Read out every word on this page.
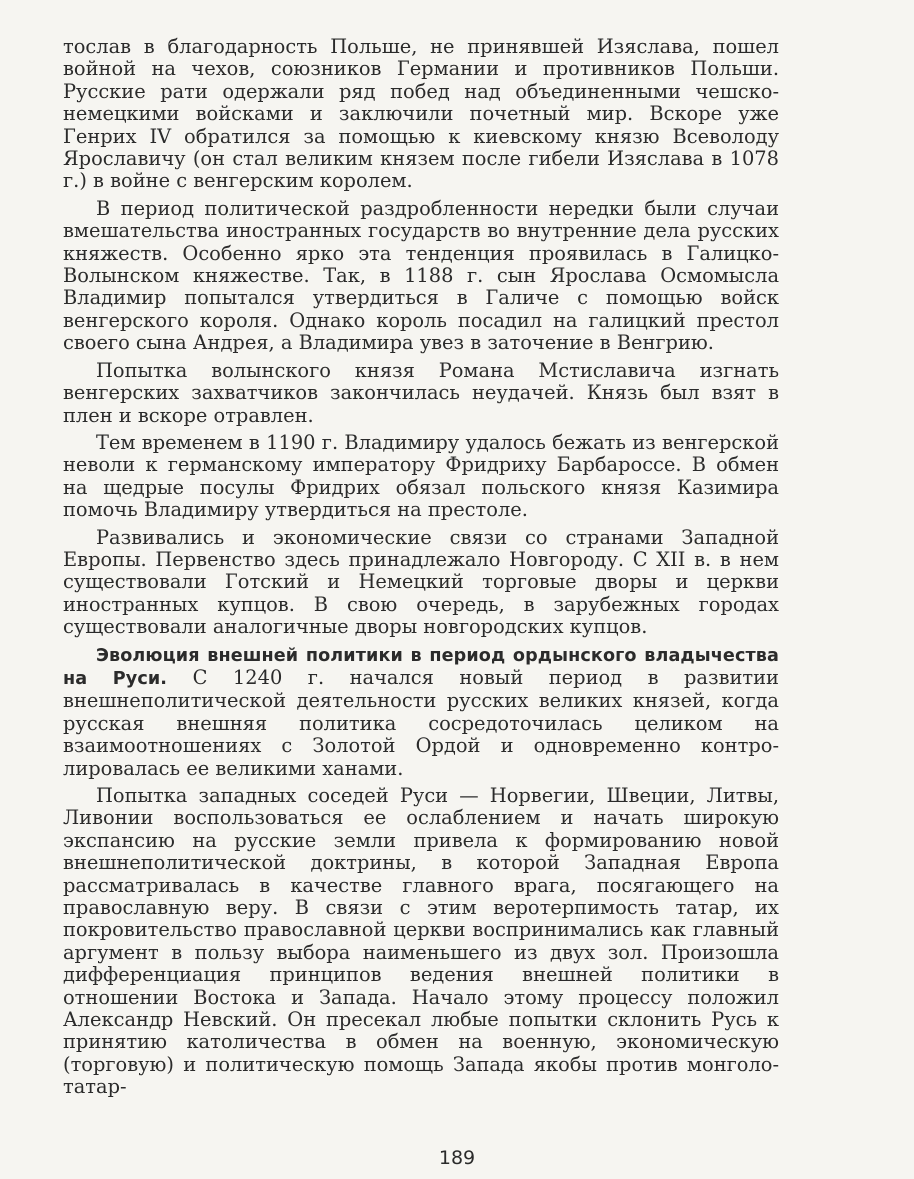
тослав в благодарность Польше, не принявшей Изяслава, пошел войной на чехов, союзников Германии и противников Польши. Русские рати одержали ряд побед над объединенными чешско-немецкими войсками и заключили почетный мир. Вскоре уже Генрих IV обратился за помощью к киевскому князю Всеволоду Ярославичу (он стал великим князем после гибели Изяслава в 1078 г.) в войне с венгерским королем.

В период политической раздробленности нередки были случаи вмешательства иностранных государств во внутренние дела русских княжеств. Особенно ярко эта тенденция проявилась в Галицко-Волынском княжестве. Так, в 1188 г. сын Ярослава Осмомысла Владимир попытался утвердиться в Галиче с помощью войск венгерского короля. Однако король посадил на галицкий престол своего сына Андрея, а Владимира увез в заточение в Венгрию.

Попытка волынского князя Романа Мстиславича изгнать венгерских захватчиков закончилась неудачей. Князь был взят в плен и вскоре отравлен.

Тем временем в 1190 г. Владимиру удалось бежать из венгерской неволи к германскому императору Фридриху Барбароссе. В обмен на щедрые посулы Фридрих обязал польского князя Казимира помочь Владимиру утвердиться на престоле.

Развивались и экономические связи со странами Западной Европы. Первенство здесь принадлежало Новгороду. С XII в. в нем существовали Готский и Немецкий торговые дворы и церкви иностранных купцов. В свою очередь, в зарубежных городах существовали аналогичные дворы новгородских купцов.

Эволюция внешней политики в период ордынского владычества на Руси. С 1240 г. начался новый период в развитии внешнеполитической деятельности русских великих князей, когда русская внешняя политика сосредоточилась целиком на взаимоотношениях с Золотой Ордой и одновременно контролировалась ее великими ханами.

Попытка западных соседей Руси — Норвегии, Швеции, Литвы, Ливонии воспользоваться ее ослаблением и начать широкую экспансию на русские земли привела к формированию новой внешнеполитической доктрины, в которой Западная Европа рассматривалась в качестве главного врага, посягающего на православную веру. В связи с этим веротерпимость татар, их покровительство православной церкви воспринимались как главный аргумент в пользу выбора наименьшего из двух зол. Произошла дифференциация принципов ведения внешней политики в отношении Востока и Запада. Начало этому процессу положил Александр Невский. Он пресекал любые попытки склонить Русь к принятию католичества в обмен на военную, экономическую (торговую) и политическую помощь Запада якобы против монголо-татар-

189
